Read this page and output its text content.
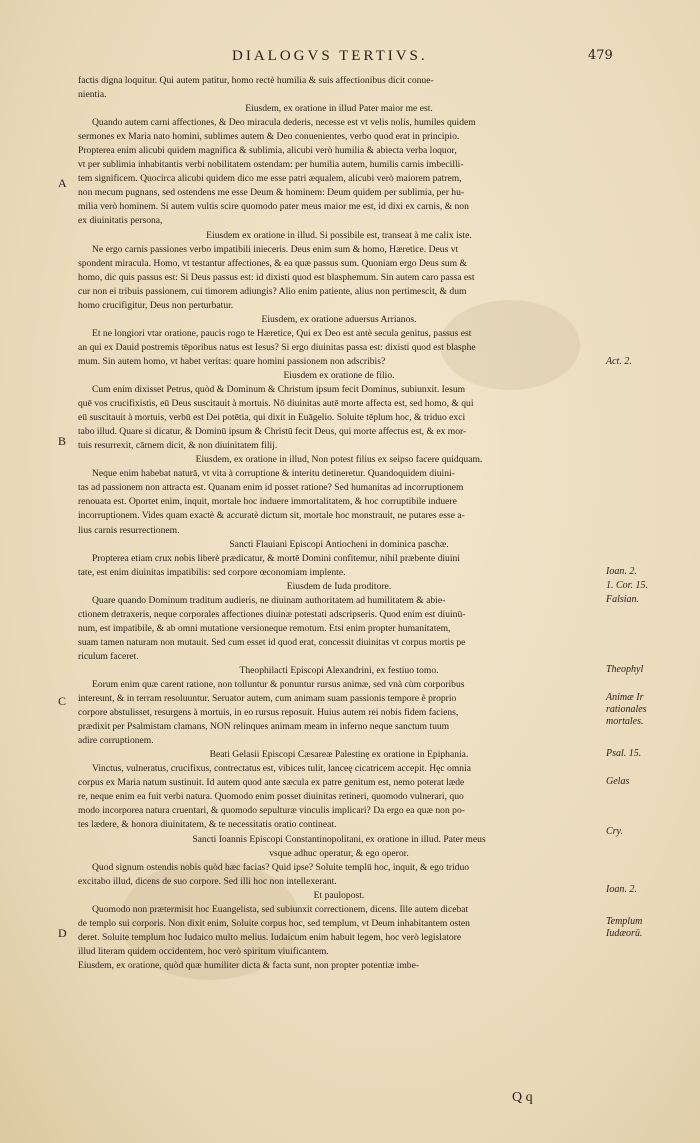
DIALOGVS TERTIVS.	479
factis digna loquitur. Qui autem patitur, homo rectè humilia & suis affectionibus dicit conue-
nientia.
Eiusdem, ex oratione in illud Pater maior me est.
Quando autem carni affectiones, & Deo miracula dederis, necesse est vt velis nolis, humiles quidem
sermones ex Maria nato homini, sublimes autem & Deo conuenientes, verbo quod erat in principio.
Propterea enim alicubi quidem magnifica & sublimia, alicubi verò humilia & abiecta verba loquor,
vt per sublimia inhabitantis verbi nobilitatem ostendam: per humilia autem, humilis carnis imbecilli-
tem significem. Quocirca alicubi quidem dico me esse patri æqualem, alicubi verò maiorem patrem,
non mecum pugnans, sed ostendens me esse Deum & hominem: Deum quidem per sublimia, per hu-
milia verò hominem. Si autem vultis scire quomodo pater meus maior me est, id dixi ex carnis, & non
ex diuinitatis persona,
Eiusdem ex oratione in illud. Si possibile est, transeat à me calix iste.
Ne ergo carnis passiones verbo impatibili inieceris. Deus enim sum & homo, Hæretice. Deus vt
spondent miracula. Homo, vt testantur affectiones, & ea quæ passus sum. Quoniam ergo Deus sum &
homo, dic quis passus est: Si Deus passus est: id dixisti quod est blasphemum. Sin autem caro passa est
cur non ei tribuis passionem, cui timorem adiungis? Alio enim patiente, alius non pertimescit, & dum
homo crucifigitur, Deus non perturbatur.
Eiusdem, ex oratione aduersus Arrianos.
Et ne longiori vtar oratione, paucis rogo te Hæretice, Qui ex Deo est antè secula genitus, passus est
an qui ex Dauid postremis tēporibus natus est Iesus? Si ergo diuinitas passa est: dixisti quod est blasphe
mum. Sin autem homo, vt habet veritas: quare homini passionem non adscribis?
Eiusdem ex oratione de filio.
Cum enim dixisset Petrus, quòd & Dominum & Christum ipsum fecit Dominus, subiunxit. Iesum
quē vos crucifixistis, eū Deus suscitauit à mortuis. Nō diuinitas autē morte affecta est, sed homo, & qui
eū suscitauit à mortuis, verbū est Dei potētia, qui dixit in Euāgelio. Soluite tēplum hoc, & triduo exci
tabo illud. Quare si dicatur, & Dominū ipsum & Christū fecit Deus, qui morte affectus est, & ex mor-
tuis resurrexit, cārnem dicit, & non diuinitatem filij.
Eiusdem, ex oratione in illud, Non potest filius ex seipso facere quidquam.
Neque enim habebat naturā, vt vita à corruptione & interitu detineretur. Quandoquidem diuini-
tas ad passionem non attracta est. Quanam enim id posset ratione? Sed humanitas ad incorruptionem
renouata est. Oportet enim, inquit, mortale hoc induere immortalitatem, & hoc corruptibile induere
incorruptionem. Vides quam exactè & accuratè dictum sit, mortale hoc monstrauit, ne putares esse a-
lius carnis resurrectionem.
Sancti Flauiani Episcopi Antiocheni in dominica paschæ.
Propterea etiam crux nobis liberè prædicatur, & mortē Domini confitemur, nihil præbente diuini
tate, est enim diuinitas impatibilis: sed corpore œconomiam implente.
Eiusdem de Iuda proditore.
Quare quando Dominum traditum audieris, ne diuinam authoritatem ad humilitatem & abie-
ctionem detraxeris, neque corporales affectiones diuinæ potestati adscripseris. Quod enim est diuinū-
num, est impatibile, & ab omni mutatione versioneque remotum. Etsi enim propter humanitatem,
suam tamen naturam non mutauit. Sed cum esset id quod erat, concessit diuinitas vt corpus mortis pe
riculum faceret.
Theophilacti Episcopi Alexandrini, ex festiuo tomo.
Eorum enim quæ carent ratione, non tolluntur & ponuntur rursus animæ, sed vnà cùm corporibus
intereunt, & in terram resoluuntur. Seruator autem, cum animam suam passionis tempore è proprio
corpore abstulisset, resurgens à mortuis, in eo rursus reposuit. Huius autem rei nobis fidem faciens,
prædixit per Psalmistam clamans, NON relinques animam meam in inferno neque sanctum tuum
adire corruptionem.
Beati Gelasii Episcopi Cæsareæ Palestinę ex oratione in Epiphania.
Vinctus, vulneratus, crucifixus, contrectatus est, vibices tulit, lanceę cicatricem accepit. Hęc omnia
corpus ex Maria natum sustinuit. Id autem quod ante sæcula ex patre genitum est, nemo poterat læde
re, neque enim ea fuit verbi natura. Quomodo enim posset diuinitas retineri, quomodo vulnerari, quo
modo incorporea natura cruentari, & quomodo sepulturæ vinculis implicari? Da ergo ea quæ non po-
tes lædere, & honora diuinitatem, & te necessitatis oratio contineat.
Sancti Ioannis Episcopi Constantinopolitani, ex oratione in illud. Pater meus
vsque adhuc operatur, & ego operor.
Quod signum ostendis nobis quòd hæc facias? Quid ipse? Soluite templū hoc, inquit, & ego triduo
excitabo illud, dicens de suo corpore. Sed illi hoc non intellexerant.
Et paulopost.
Quomodo non prætermisit hoc Euangelista, sed subiunxit correctionem, dicens. Ille autem dicebat
de templo sui corporis. Non dixit enim, Soluite corpus hoc, sed templum, vt Deum inhabitantem osten
deret. Soluite templum hoc Iudaico multo melius. Iudaicum enim habuit legem, hoc verò legislatore
illud literam quidem occidentem, hoc verò spiritum viuificantem.
Eiusdem, ex oratione, quòd quæ humiliter dicta & facta sunt, non propter potentiæ imbe-
Act. 2.
Ioan. 2.
1. Cor. 15.
Falsian.
Theophyl
Animæ Ir
rationales
mortales.
Psal. 15.
Gelas
Cry.
Ioan. 2.
Templum
Iudæorū.
A
B
C
D
Q q
